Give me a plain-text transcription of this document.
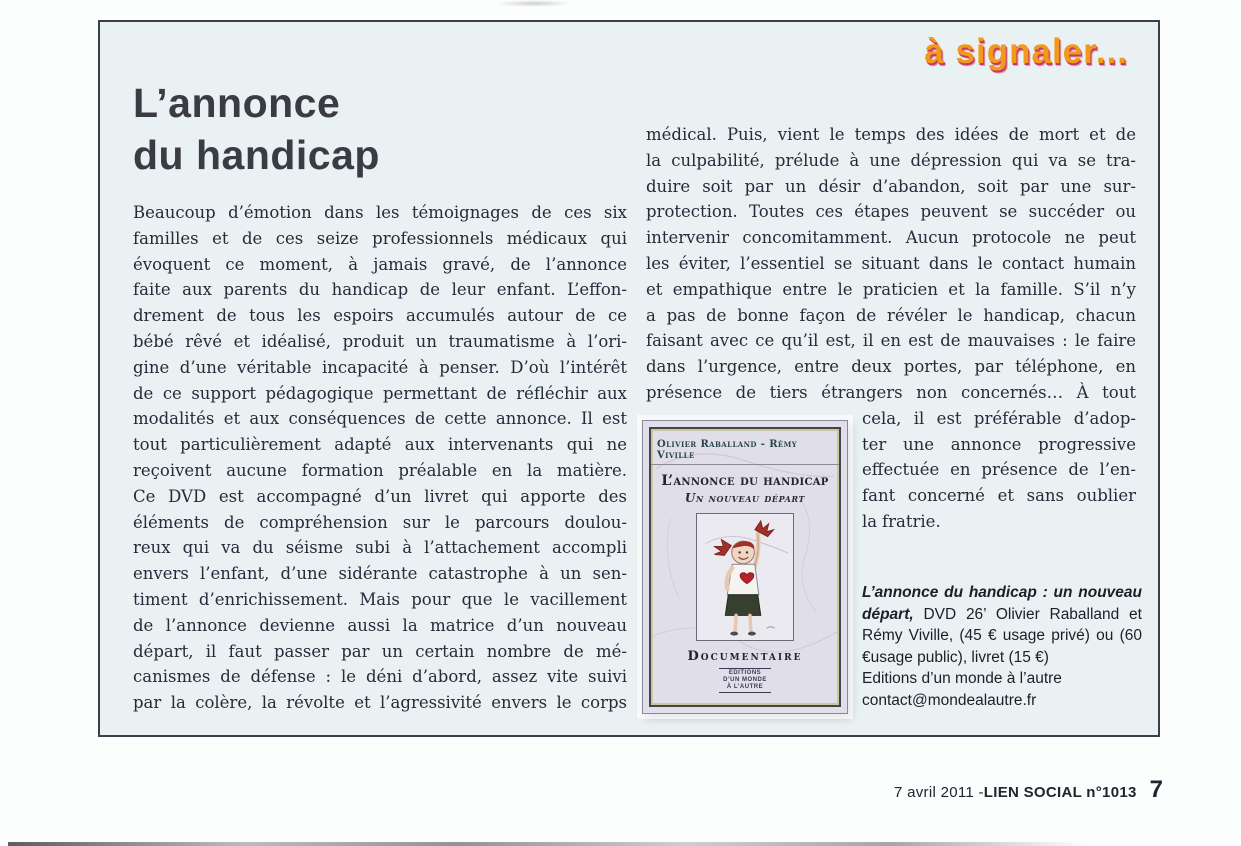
à signaler...
L’annonce
du handicap
Beaucoup d’émotion dans les témoignages de ces six
familles et de ces seize professionnels médicaux qui
évoquent ce moment, à jamais gravé, de l’annonce
faite aux parents du handicap de leur enfant. L’effon-
drement de tous les espoirs accumulés autour de ce
bébé rêvé et idéalisé, produit un traumatisme à l’ori-
gine d’une véritable incapacité à penser. D’où l’intérêt
de ce support pédagogique permettant de réfléchir aux
modalités et aux conséquences de cette annonce. Il est
tout particulièrement adapté aux intervenants qui ne
reçoivent aucune formation préalable en la matière.
Ce DVD est accompagné d’un livret qui apporte des
éléments de compréhension sur le parcours doulou-
reux qui va du séisme subi à l’attachement accompli
envers l’enfant, d’une sidérante catastrophe à un sen-
timent d’enrichissement. Mais pour que le vacillement
de l’annonce devienne aussi la matrice d’un nouveau
départ, il faut passer par un certain nombre de mé-
canismes de défense : le déni d’abord, assez vite suivi
par la colère, la révolte et l’agressivité envers le corps
médical. Puis, vient le temps des idées de mort et de
la culpabilité, prélude à une dépression qui va se tra-
duire soit par un désir d’abandon, soit par une sur-
protection. Toutes ces étapes peuvent se succéder ou
intervenir concomitamment. Aucun protocole ne peut
les éviter, l’essentiel se situant dans le contact humain
et empathique entre le praticien et la famille. S’il n’y
a pas de bonne façon de révéler le handicap, chacun
faisant avec ce qu’il est, il en est de mauvaises : le faire
dans l’urgence, entre deux portes, par téléphone, en
présence de tiers étrangers non concernés… À tout
cela, il est préférable d’adop-
ter une annonce progressive
effectuée en présence de l’en-
fant concerné et sans oublier
la fratrie.
Olivier Raballand - Rémy Viville
L’annonce du handicap
Un nouveau départ
Documentaire
ÉDITIONS
D’UN MONDE
À L’AUTRE

L’annonce du handicap : un nouveau départ, DVD 26’ Olivier Raballand et Rémy Viville, (45 € usage privé) ou (60 €usage public), livret (15 €)

Editions d’un monde à l’autre
contact@mondealautre.fr
7 avril 2011 - LIEN SOCIAL n°1013 7
